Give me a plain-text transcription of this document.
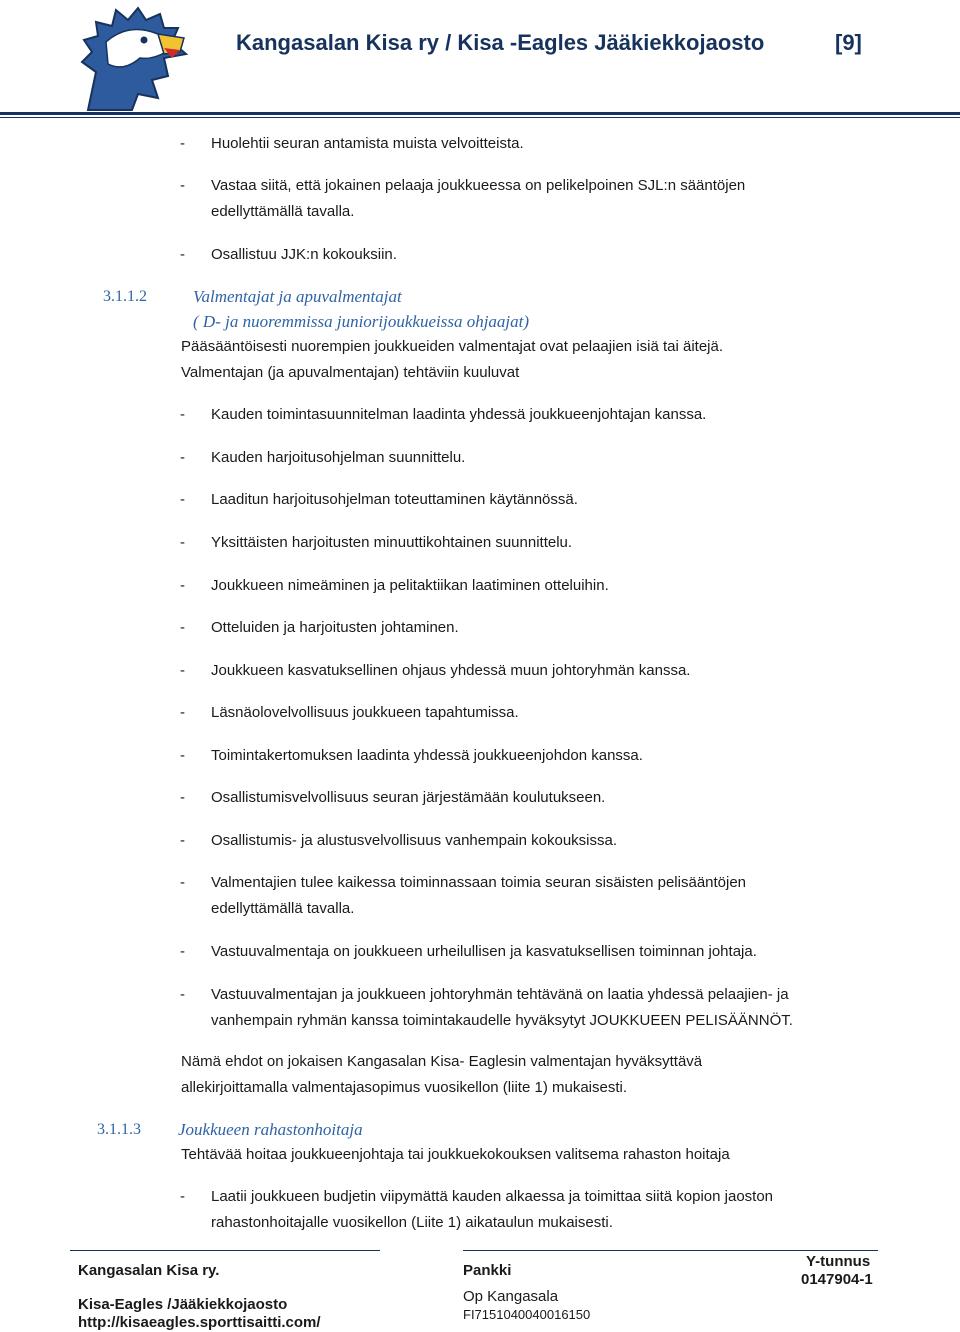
Kangasalan Kisa ry / Kisa -Eagles Jääkiekkojaosto	[9]
- Huolehtii seuran antamista muista velvoitteista.
- Vastaa siitä, että jokainen pelaaja joukkueessa on pelikelpoinen SJL:n sääntöjen
edellyttämällä tavalla.
- Osallistuu JJK:n kokouksiin.
3.1.1.2	Valmentajat ja apuvalmentajat
( D- ja nuoremmissa juniorijoukkueissa ohjaajat)
Pääsääntöisesti nuorempien joukkueiden valmentajat ovat pelaajien isiä tai äitejä.
Valmentajan (ja apuvalmentajan) tehtäviin kuuluvat
- Kauden toimintasuunnitelman laadinta yhdessä joukkueenjohtajan kanssa.
- Kauden harjoitusohjelman suunnittelu.
- Laaditun harjoitusohjelman toteuttaminen käytännössä.
- Yksittäisten harjoitusten minuuttikohtainen suunnittelu.
- Joukkueen nimeäminen ja pelitaktiikan laatiminen otteluihin.
- Otteluiden ja harjoitusten johtaminen.
- Joukkueen kasvatuksellinen ohjaus yhdessä muun johtoryhmän kanssa.
- Läsnäolovelvollisuus joukkueen tapahtumissa.
- Toimintakertomuksen laadinta yhdessä joukkueenjohdon kanssa.
- Osallistumisvelvollisuus seuran järjestämään koulutukseen.
- Osallistumis- ja alustusvelvollisuus vanhempain kokouksissa.
- Valmentajien tulee kaikessa toiminnassaan toimia seuran sisäisten pelisääntöjen
edellyttämällä tavalla.
- Vastuuvalmentaja on joukkueen urheilullisen ja kasvatuksellisen toiminnan johtaja.
- Vastuuvalmentajan ja joukkueen johtoryhmän tehtävänä on laatia yhdessä pelaajien- ja
vanhempain ryhmän kanssa toimintakaudelle hyväksytyt JOUKKUEEN PELISÄÄNNÖT.
Nämä ehdot on jokaisen Kangasalan Kisa- Eaglesin valmentajan hyväksyttävä
allekirjoittamalla valmentajasopimus vuosikellon (liite 1) mukaisesti.
3.1.1.3 Joukkueen rahastonhoitaja
Tehtävää hoitaa joukkueenjohtaja tai joukkuekokouksen valitsema rahaston hoitaja
- Laatii joukkueen budjetin viipymättä kauden alkaessa ja toimittaa siitä kopion jaoston
rahastonhoitajalle vuosikellon (Liite 1) aikataulun mukaisesti.
Kangasalan Kisa ry.
Kisa-Eagles /Jääkiekkojaosto
http://kisaeagles.sporttisaitti.com/
Pankki
Op Kangasala
FI7151040040016150
Y-tunnus
0147904-1
